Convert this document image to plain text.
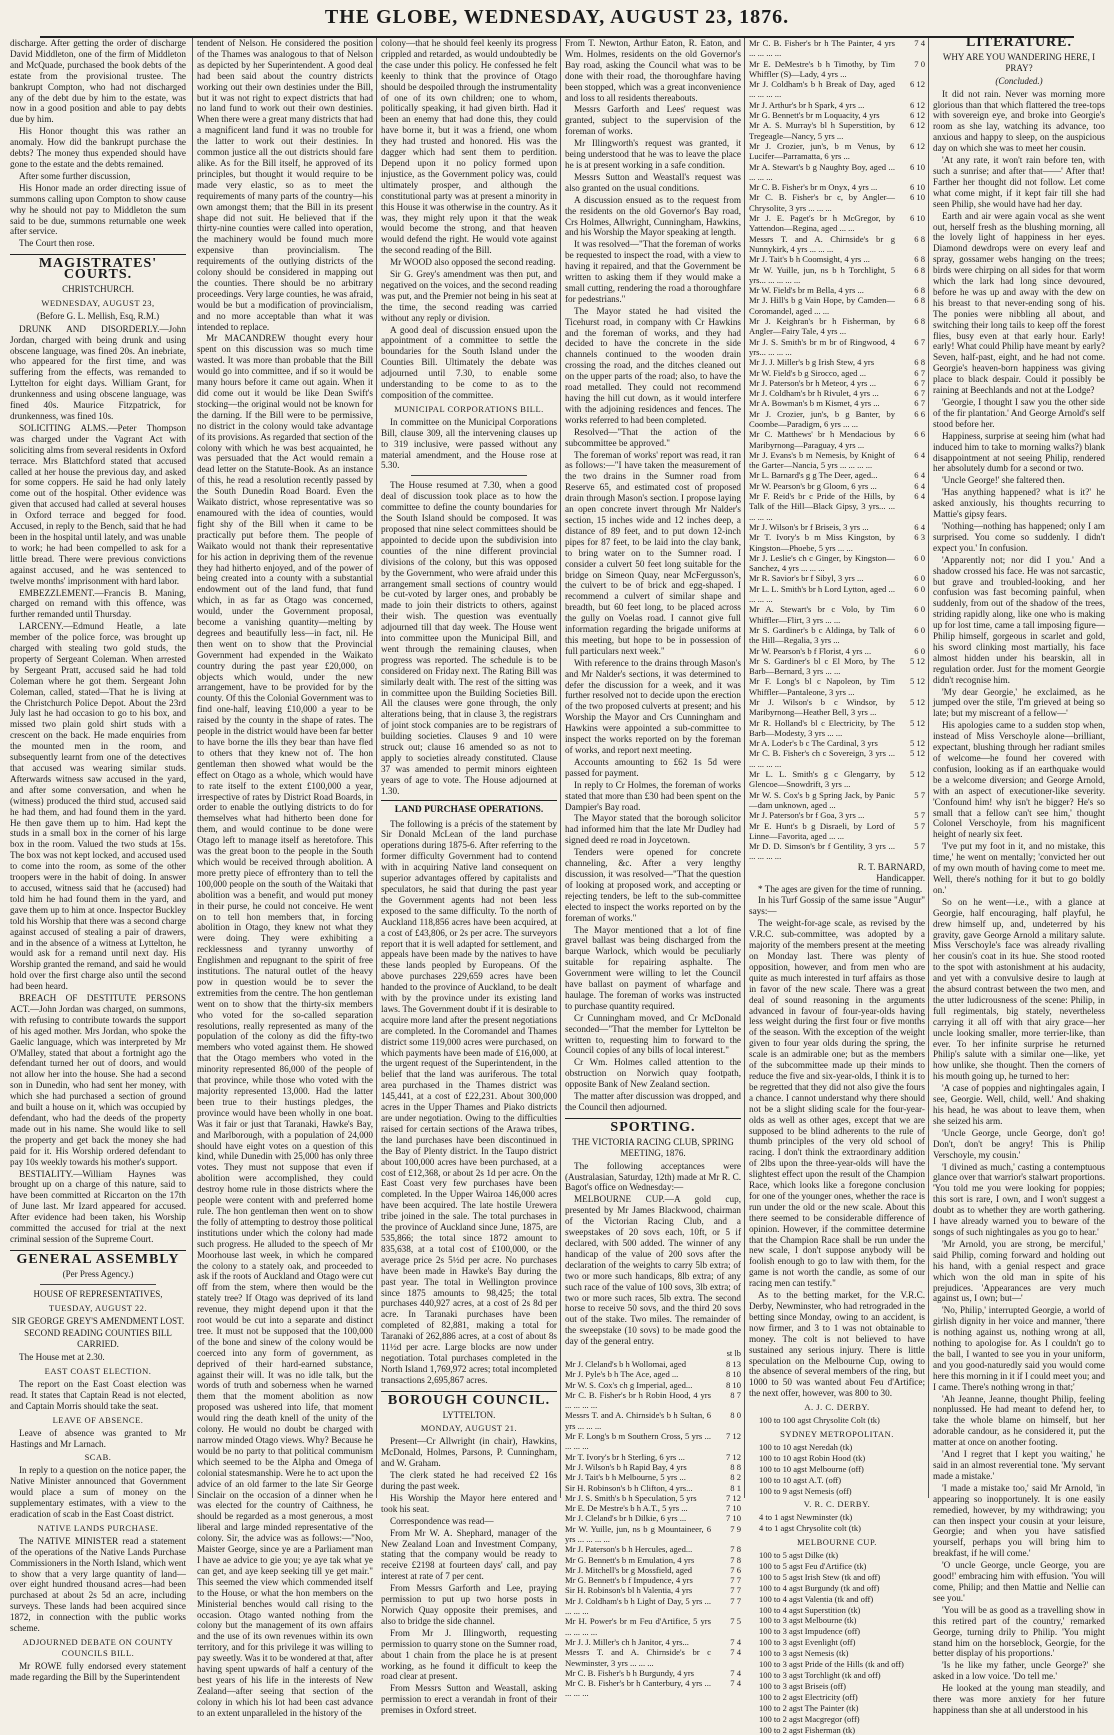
THE GLOBE, WEDNESDAY, AUGUST 23, 1876.

discharge. After getting the order of discharge David Middleton, one of the firm of Middleton and McQuade, purchased the book debts of the estate from the provisional trustee. The bankrupt Compton, who had not discharged any of the debt due by him to the estate, was now in a good position and able to pay debts due by him.

His Honor thought this was rather an anomaly. How did the bankrupt purchase the debts? The money thus expended should have gone to the estate and the debts remained.

After some further discussion,

His Honor made an order directing issue of summons calling upon Compton to show cause why he should not pay to Middleton the sum said to be due, summons returnable one week after service.

The Court then rose.

MAGISTRATES' COURTS.
CHRISTCHURCH.
WEDNESDAY, AUGUST 23,
(Before G. L. Mellish, Esq, R.M.)

DRUNK AND DISORDERLY.—John Jordan, charged with being drunk and using obscene language, was fined 20s. An inebriate, who appeared for the first time, and was suffering from the effects, was remanded to Lyttelton for eight days. William Grant, for drunkenness and using obscene language, was fined 40s. Maurice Fitzpatrick, for drunkenness, was fined 10s.

SOLICITING ALMS.—Peter Thompson was charged under the Vagrant Act with soliciting alms from several residents in Oxford terrace. Mrs Blattchford stated that accused called at her house the previous day, and asked for some coppers. He said he had only lately come out of the hospital. Other evidence was given that accused had called at several houses in Oxford terrace and begged for food. Accused, in reply to the Bench, said that he had been in the hospital until lately, and was unable to work; he had been compelled to ask for a little bread. There were previous convictions against accused, and he was sentenced to twelve months' imprisonment with hard labor.

EMBEZZLEMENT.—Francis B. Maning, charged on remand with this offence, was further remanded until Thursday.

LARCENY.—Edmund Heatle, a late member of the police force, was brought up charged with stealing two gold studs, the property of Sergeant Coleman. When arrested by Sergeant Pratt, accused said he had told Coleman where he got them. Sergeant John Coleman, called, stated—That he is living at the Christchurch Police Depot. About the 23rd July last he had occasion to go to his box, and missed two plain gold shirt studs with a crescent on the back. He made enquiries from the mounted men in the room, and subsequently learnt from one of the detectives that accused was wearing similar studs. Afterwards witness saw accused in the yard, and after some conversation, and when he (witness) produced the third stud, accused said he had them, and had found them in the yard. He then gave them up to him. Had kept the studs in a small box in the corner of his large box in the room. Valued the two studs at 15s. The box was not kept locked, and accused used to come into the room, as some of the other troopers were in the habit of doing. In answer to accused, witness said that he (accused) had told him he had found them in the yard, and gave them up to him at once. Inspector Buckley told his Worship that there was a second charge against accused of stealing a pair of drawers, and in the absence of a witness at Lyttelton, he would ask for a remand until next day. His Worship granted the remand, and said he would hold over the first charge also until the second had been heard.

BREACH OF DESTITUTE PERSONS ACT.—John Jordan was charged, on summons, with refusing to contribute towards the support of his aged mother. Mrs Jordan, who spoke the Gaelic language, which was interpreted by Mr O'Malley, stated that about a fortnight ago the defendant turned her out of doors, and would not allow her into the house. She had a second son in Dunedin, who had sent her money, with which she had purchased a section of ground and built a house on it, which was occupied by defendant, who had the deeds of the property made out in his name. She would like to sell the property and get back the money she had paid for it. His Worship ordered defendant to pay 10s weekly towards his mother's support.

BESTIALITY.—William Haynes was brought up on a charge of this nature, said to have been committed at Riccarton on the 17th of June last. Mr Izard appeared for accused. After evidence had been taken, his Worship committed the accused for trial at the next criminal session of the Supreme Court.

GENERAL ASSEMBLY
(Per Press Agency.)
HOUSE OF REPRESENTATIVES,
TUESDAY, AUGUST 22.
SIR GEORGE GREY'S AMENDMENT LOST.
SECOND READING COUNTIES BILL CARRIED.

The House met at 2.30.

EAST COAST ELECTION.

The report on the East Coast election was read. It states that Captain Read is not elected, and Captain Morris should take the seat.

LEAVE OF ABSENCE.

Leave of absence was granted to Mr Hastings and Mr Larnach.

SCAB.

In reply to a question on the notice paper, the Native Minister announced that Government would place a sum of money on the supplementary estimates, with a view to the eradication of scab in the East Coast district.

NATIVE LANDS PURCHASE.

The NATIVE MINISTER read a statement of the operations of the Native Lands Purchase Commissioners in the North Island, which went to show that a very large quantity of land—over eight hundred thousand acres—had been purchased at about 2s 5d an acre, including surveys. These lands had been acquired since 1872, in connection with the public works scheme.

ADJOURNED DEBATE ON COUNTY COUNCILS BILL.

Mr ROWE fully endorsed every statement made regarding the Bill by the Superintendent

tendent of Nelson. He considered the position of the Thames was analogous to that of Nelson as depicted by her Superintendent. A good deal had been said about the country districts working out their own destinies under the Bill, but it was not right to expect districts that had no land fund to work out their own destinies. When there were a great many districts that had a magnificent land fund it was no trouble for the latter to work out their destinies. In common justice all the out districts should fare alike. As for the Bill itself, he approved of its principles, but thought it would require to be made very elastic, so as to meet the requirements of many parts of the country—his own amongst them; that the Bill in its present shape did not suit. He believed that if the thirty-nine counties were called into operation, the machinery would be found much more expensive than provincialism. The requirements of the outlying districts of the colony should be considered in mapping out the counties. There should be no arbitrary proceedings. Very large counties, he was afraid, would be but a modification of provincialism, and no more acceptable than what it was intended to replace.

Mr MACANDREW thought every hour spent on this discussion was so much time wasted. It was more than probable that the Bill would go into committee, and if so it would be many hours before it came out again. When it did come out it would be like Dean Swift's stocking—the original would not be known for the darning. If the Bill were to be permissive, no district in the colony would take advantage of its provisions. As regarded that section of the colony with which he was best acquainted, he was persuaded that the Act would remain a dead letter on the Statute-Book. As an instance of this, he read a resolution recently passed by the South Dunedin Road Board. Even the Waikato district, whose representative was so enamoured with the idea of counties, would fight shy of the Bill when it came to be practically put before them. The people of Waikato would not thank their representative for his action in depriving them of the revenue they had hitherto enjoyed, and of the power of being created into a county with a substantial endowment out of the land fund, that fund which, in as far as Otago was concerned, would, under the Government proposal, become a vanishing quantity—melting by degrees and beautifully less—in fact, nil. He then went on to show that the Provincial Government had expended in the Waikato country during the past year £20,000, on objects which would, under the new arrangement, have to be provided for by the county. Of this the Colonial Government was to find one-half, leaving £10,000 a year to be raised by the county in the shape of rates. The people in the district would have been far better to have borne the ills they bear than have fled to others that they knew not of. The hon gentleman then showed what would be the effect on Otago as a whole, which would have to rate itself to the extent £100,000 a year, irrespective of rates by District Road Boards, in order to enable the outlying districts to do for themselves what had hitherto been done for them, and would continue to be done were Otago left to manage itself as heretofore. This was the great boon to the people in the South which would be received through abolition. A more pretty piece of effrontery than to tell the 100,000 people on the south of the Waitaki that abolition was a benefit, and would put money in their purse, he could not conceive. He went on to tell hon members that, in forcing abolition in Otago, they knew not what they were doing. They were exhibiting a recklessness and tyranny unworthy of Englishmen and repugnant to the spirit of free institutions. The natural outlet of the heavy pow in question would be to sever the extremities from the centre. The hon gentleman went on to show that the thirty-six members who voted for the so-called separation resolutions, really represented as many of the population of the colony as did the fifty-two members who voted against them. He showed that the Otago members who voted in the minority represented 86,000 of the people of that province, while those who voted with the majority represented 13,000. Had the latter been true to their hustings pledges, the province would have been wholly in one boat. Was it fair or just that Taranaki, Hawke's Bay, and Marlborough, with a population of 24,000 should have eight votes on a question of this kind, while Dunedin with 25,000 has only three votes. They must not suppose that even if abolition were accomplished, they could destroy home rule in those districts where the people were content with and preferred home rule. The hon gentleman then went on to show the folly of attempting to destroy those political institutions under which the colony had made such progress. He alluded to the speech of Mr Moorhouse last week, in which he compared the colony to a stately oak, and proceeded to ask if the roots of Auckland and Otago were cut off from the stem, where then would be the stately tree? If Otago was deprived of its land revenue, they might depend upon it that the root would be cut into a separate and distinct tree. It must not be supposed that the 100,000 of the bone and sinew of the colony would be coerced into any form of government, as deprived of their hard-earned substance, against their will. It was no idle talk, but the words of truth and soberness when he warned them that the moment abolition as now proposed was ushered into life, that moment would ring the death knell of the unity of the colony. He would no doubt be charged with narrow minded Otago views. Why? Because he would be no party to that political communism which seemed to be the Alpha and Omega of colonial statesmanship. Were he to act upon the advice of an old farmer to the late Sir George Sinclair on the occasion of a dinner when he was elected for the country of Caithness, he should be regarded as a most generous, a most liberal and large minded representative of the colony. Sir, the advice was as follows:—"Noo, Maister George, since ye are a Parliament man I have ae advice to gie you; ye aye tak what ye can get, and aye keep seeking till ye get mair." This seemed the view which commended itself to the House, or what the hon members on the Ministerial benches would call rising to the occasion. Otago wanted nothing from the colony but the management of its own affairs and the use of its own revenues within its own territory, and for this privilege it was willing to pay sweetly. Was it to be wondered at that, after having spent upwards of half a century of the best years of his life in the interests of New Zealand—after seeing that section of the colony in which his lot had been cast advance to an extent unparalleled in the history of the

colony—that he should feel keenly its progress crippled and retarded, as would undoubtedly be the case under this policy. He confessed he felt keenly to think that the province of Otago should be despoiled through the instrumentality of one of its own children; one to whom, politically speaking, it had given birth. Had it been an enemy that had done this, they could have borne it, but it was a friend, one whom they had trusted and honored. His was the dagger which had sent them to perdition. Depend upon it no policy formed upon injustice, as the Government policy was, could ultimately prosper, and although the constitutional party was at present a minority in this House it was otherwise in the country. As it was, they might rely upon it that the weak would become the strong, and that heaven would defend the right. He would vote against the second reading of the Bill.

Mr WOOD also opposed the second reading.

Sir G. Grey's amendment was then put, and negatived on the voices, and the second reading was put, and the Premier not being in his seat at the time, the second reading was carried without any reply or division.

A good deal of discussion ensued upon the appointment of a committee to settle the boundaries for the South Island under the Counties Bill. Ultimately the debate was adjourned until 7.30, to enable some understanding to be come to as to the composition of the committee.

MUNICIPAL CORPORATIONS BILL.

In committee on the Municipal Corporations Bill, clause 309, all the intervening clauses up to 319 inclusive, were passed without any material amendment, and the House rose at 5.30.

The House resumed at 7.30, when a good deal of discussion took place as to how the committee to define the county boundaries for the South Island should be composed. It was proposed that nine select committees should be appointed to decide upon the subdivision into counties of the nine different provincial divisions of the colony, but this was opposed by the Government, who were afraid under this arrangement small sections of country would be cut-voted by larger ones, and probably be made to join their districts to others, against their wish. The question was eventually adjourned till that day week. The House went into committee upon the Municipal Bill, and went through the remaining clauses, when progress was reported. The schedule is to be considered on Friday next. The Rating Bill was similarly dealt with. The rest of the sitting was in committee upon the Building Societies Bill. All the clauses were gone through, the only alterations being, that in clause 3, the registrars of joint stock companies are to be registrars of building societies. Clauses 9 and 10 were struck out; clause 16 amended so as not to apply to societies already constituted. Clause 37 was amended to permit minors eighteen years of age to vote. The House adjourned at 1.30.

LAND PURCHASE OPERATIONS.

The following is a précis of the statement by Sir Donald McLean of the land purchase operations during 1875-6. After referring to the former difficulty Government had to contend with in acquiring Native land consequent on superior advantages offered by capitalists and speculators, he said that during the past year the Government agents had not been less exposed to the same difficulty. To the north of Auckland 118,856 acres have been acquired, at a cost of £43,806, or 2s per acre. The surveyors report that it is well adapted for settlement, and appeals have been made by the natives to have these lands peopled by Europeans. Of the above purchases 229,659 acres have been handed to the province of Auckland, to be dealt with by the province under its existing land laws. The Government doubt if it is desirable to acquire more land after the present negotiations are completed. In the Coromandel and Thames district some 119,000 acres were purchased, on which payments have been made of £16,000, at the urgent request of the Superintendent, in the belief that the land was auriferous. The total area purchased in the Thames district was 145,441, at a cost of £22,231. About 300,000 acres in the Upper Thames and Piako districts are under negotiation. Owing to the difficulties raised for certain sections of the Arawa tribes, the land purchases have been discontinued in the Bay of Plenty district. In the Taupo district about 100,000 acres have been purchased, at a cost of £12,368, or about 2s 1d per acre. On the East Coast very few purchases have been completed. In the Upper Wairoa 146,000 acres have been acquired. The late hostile Urewera tribe joined in the sale. The total purchases in the province of Auckland since June, 1875, are 535,866; the total since 1872 amount to 835,638, at a total cost of £100,000, or the average price 2s 5½d per acre. No purchases have been made in Hawke's Bay during the past year. The total in Wellington province since 1875 amounts to 98,425; the total purchases 440,927 acres, at a cost of 2s 8d per acre. In Taranaki purchases have been completed of 82,881, making a total for Taranaki of 262,886 acres, at a cost of about 8s 11½d per acre. Large blocks are now under negotiation. Total purchases completed in the North Island 1,769,972 acres; total incompleted transactions 2,695,867 acres.

BOROUGH COUNCIL.
LYTTELTON.
MONDAY, AUGUST 21.

Present—Cr Allwright (in chair), Hawkins, McDonald, Holmes, Parsons, P. Cunningham, and W. Graham.

The clerk stated he had received £2 16s during the past week.

His Worship the Mayor here entered and took his seat.

Correspondence was read—

From Mr W. A. Shephard, manager of the New Zealand Loan and Investment Company, stating that the company would be ready to receive £2198 at fourteen days' call, and pay interest at rate of 7 per cent.

From Messrs Garforth and Lee, praying permission to put up two horse posts in Norwich Quay opposite their premises, and also to bridge the side channel.

From Mr J. Illingworth, requesting permission to quarry stone on the Sumner road, about 1 chain from the place he is at present working, as he found it difficult to keep the road clear at present.

From Messrs Sutton and Weastall, asking permission to erect a verandah in front of their premises in Oxford street.

From T. Newton, Arthur Eaton, R. Eaton, and Wm. Holmes, residents on the old Governor's Bay road, asking the Council what was to be done with their road, the thoroughfare having been stopped, which was a great inconvenience and loss to all residents thereabouts.

Messrs Garforth and Lees' request was granted, subject to the supervision of the foreman of works.

Mr Illingworth's request was granted, it being understood that he was to leave the place he is at present working in a safe condition.

Messrs Sutton and Weastall's request was also granted on the usual conditions.

A discussion ensued as to the request from the residents on the old Governor's Bay road, Crs Holmes, Allwright, Cunningham, Hawkins, and his Worship the Mayor speaking at length.

It was resolved—"That the foreman of works be requested to inspect the road, with a view to having it repaired, and that the Government be written to asking them if they would make a small cutting, rendering the road a thoroughfare for pedestrians."

The Mayor stated he had visited the Ticehurst road, in company with Cr Hawkins and the foreman of works, and they had decided to have the concrete in the side channels continued to the wooden drain crossing the road, and the ditches cleaned out on the upper parts of the road; also, to have the road metalled. They could not recommend having the hill cut down, as it would interfere with the adjoining residences and fences. The works referred to had been completed.

Resolved—"That the action of the subcommittee be approved."

The foreman of works' report was read, it ran as follows:—"I have taken the measurement of the two drains in the Sumner road from Reserve 65, and estimated cost of proposed drain through Mason's section. I propose laying an open concrete invert through Mr Nalder's section, 15 inches wide and 12 inches deep, a distance of 89 feet, and to put down 12-inch pipes for 87 feet, to be laid into the clay bank, to bring water on to the Sumner road. I consider a culvert 50 feet long suitable for the bridge on Simeon Quay, near McFergusson's, the culvert to be of brick and egg-shaped. I recommend a culvert of similar shape and breadth, but 60 feet long, to be placed across the gully on Voelas road. I cannot give full information regarding the brigade uniforms at this meeting, but hope to be in possession of full particulars next week."

With reference to the drains through Mason's and Mr Nalder's sections, it was determined to defer the discussion for a week, and it was further resolved not to decide upon the erection of the two proposed culverts at present; and his Worship the Mayor and Crs Cunningham and Hawkins were appointed a sub-committee to inspect the works reported on by the foreman of works, and report next meeting.

Accounts amounting to £62 1s 5d were passed for payment.

In reply to Cr Holmes, the foreman of works stated that more than £30 had been spent on the Dampier's Bay road.

The Mayor stated that the borough solicitor had informed him that the late Mr Dudley had signed deed re road in Joycetown.

Tenders were opened for concrete channeling, &c. After a very lengthy discussion, it was resolved—"That the question of looking at proposed work, and accepting or rejecting tenders, be left to the sub-committee elected to inspect the works reported on by the foreman of works."

The Mayor mentioned that a lot of fine gravel ballast was being discharged from the barque Warlock, which would be peculiarly suitable for repairing asphalte. The Government were willing to let the Council have ballast on payment of wharfage and haulage. The foreman of works was instructed to purchase quantity required.

Cr Cunningham moved, and Cr McDonald seconded—"That the member for Lyttelton be written to, requesting him to forward to the Council copies of any bills of local interest."

Cr Wm. Holmes called attention to the obstruction on Norwich quay footpath, opposite Bank of New Zealand section.

The matter after discussion was dropped, and the Council then adjourned.

SPORTING.
THE VICTORIA RACING CLUB, SPRING MEETING, 1876.

The following acceptances were (Australasian, Saturday, 12th) made at Mr R. C. Bagot's office on Wednesday:—

MELBOURNE CUP.—A gold cup, presented by Mr James Blackwood, chairman of the Victorian Racing Club, and a sweepstakes of 20 sovs each, 10ft, or 5 if declared, with 500 added. The winner of any handicap of the value of 200 sovs after the declaration of the weights to carry 5lb extra; of two or more such handicaps, 8lb extra; of any such race of the value of 100 sovs, 3lb extra; of two or more such races, 5lb extra. The second horse to receive 50 sovs, and the third 20 sovs out of the stake. Two miles. The remainder of the sweepstake (10 sovs) to be made good the day of the general entry.

st lb
Mr J. Cleland's b h Wollomai, aged	8 13
Mr J. Pyle's b h The Ace, aged ...	8 10
Mr W. S. Cox's ch g Imperial, aged...	8 10
Mr C. B. Fisher's br h Robin Hood, 4 yrs ... ... ... ...	8 7
Messrs T. and A. Chirnside's b h Sultan, 6 yrs ... ... ...	8 0
Mr F. Long's b m Southern Cross, 5 yrs ... ... ... ...	7 12
Mr T. Ivory's br h Sterling, 6 yrs ...	7 12
Mr J. Wilson's b h Rapid Bay, 4 yrs	8 8
Mr J. Tait's b h Melbourne, 5 yrs ...	8 2
Sir H. Robinson's b h Clifton, 4 yrs...	8 1
Mr J. S. Smith's b h Speculation, 5 yrs	7 12
Mr E. De Mestre's b h A.T., 5 yrs ...	7 10
Mr J. Cleland's br h Dilkie, 6 yrs ...	7 10
Mr W. Yuille, jun, ns b g Mountaineer, 6 yrs ... ... ... ...	7 9
Mr J. Paterson's b h Hercules, aged...	7 8
Mr G. Bennett's b m Emulation, 4 yrs	7 8
Mr J. Mitchell's br g Mossfield, aged	7 6
Mr G. Bennett's b f Impudence, 4 yrs	7 7
Sir H. Robinson's bl h Valentia, 4 yrs	7 7
Mr J. Coldham's b h Light of Day, 5 yrs ... ... ... ...	7 7
Mr H. Power's br m Feu d'Artifice, 5 yrs ... ... ... ...	7 5
Mr J. J. Miller's ch h Janitor, 4 yrs...	7 4
Messrs T. and A. Chirnside's br c Newminster, 3 yrs ... ... ...	7 4
Mr C. B. Fisher's b h Burgundy, 4 yrs	7 4
Mr C. B. Fisher's br h Canterbury, 4 yrs ... ... ... ...	7 4
Mr C. B. Fisher's br h The Painter, 4 yrs ... ... ... ...	7 4
Mr E. DeMestre's b h Timothy, by Tim Whiffler (S)—Lady, 4 yrs ...	7 0
Mr J. Coldham's b h Break of Day, aged ... ... ... ...	6 12
Mr J. Arthur's br h Spark, 4 yrs ...	6 12
Mr G. Bennett's br m Loquacity, 4 yrs	6 12
Mr A. S. Murray's bl h Superstition, by Tregeagle—Nancy, 5 yrs ...	6 12
Mr J. Crozier, jun's, b m Venus, by Lucifer—Parramatta, 6 yrs ...	6 12
Mr A. Stewart's b g Naughty Boy, aged ... ... ... ...	6 10
Mr C. B. Fisher's br m Onyx, 4 yrs ...	6 10
Mr C. B. Fisher's br c, by Angler—Chrysolite, 3 yrs ... ... ...	6 10
Mr J. E. Paget's br h McGregor, by Yattendon—Regina, aged ... ...	6 10
Messrs T. and A. Chirnside's br g Nunnykirk, 4 yrs ... ... ...	6 8
Mr J. Tait's b h Coomsight, 4 yrs ...	6 8
Mr W. Yuille, jun, ns b h Torchlight, 5 yrs... ... ... ... ...	6 8
Mr W. Field's br m Bella, 4 yrs ...	6 8
Mr J. Hill's b g Vain Hope, by Camden—Coromandel, aged ... ...	6 8
Mr J. Keighran's br h Fisherman, by Angler—Fairy Tale, 4 yrs ...	6 8
Mr J. S. Smith's br m br of Ringwood, 4 yrs... ... ... ...	6 7
Mr J. J. Miller's b g Irish Stew, 4 yrs	6 8
Mr W. Field's b g Sirocco, aged ...	6 7
Mr J. Paterson's br h Meteor, 4 yrs ...	6 7
Mr J. Coldham's br h Rivulet, 4 yrs ...	6 7
Mr A. Bowman's b m Kismet, 4 yrs ...	6 7
Mr J. Crozier, jun's, b g Banter, by Coombe—Paradigm, 6 yrs ... ...	6 6
Mr C. Matthews' br h Mendacious by Maribyrnong—Paraguay, 4 yrs ...	6 6
Mr J. Evans's b m Nemesis, by Knight of the Garter—Nancia, 5 yrs ... ... ... ...	6 4
Mr L. Barnard's g g The Deer, aged...	6 4
Mr W. Pearson's br g Gloom, 6 yrs ...	6 4
Mr F. Reid's br c Pride of the Hills, by Talk of the Hill—Black Gipsy, 3 yrs... ... ... ... ...	6 4
Mr J. Wilson's br f Briseis, 3 yrs ...	6 4
Mr T. Ivory's b m Miss Kingston, by Kingston—Phoebe, 5 yrs ... ...	6 3
Mr J. Leslie's ch c Ginger, by Kingston—Sanchez, 4 yrs ... ... ...	6 0
Mr R. Savior's br f Sibyl, 3 yrs ...	6 0
Mr L. L. Smith's br h Lord Lytton, aged ... ... ... ...	6 0
Mr A. Stewart's br c Volo, by Tim Whiffler—Flirt, 3 yrs ... ...	6 0
Mr S. Gardiner's b c Aldinga, by Talk of the Hill—Regalia, 3 yrs ...	6 0
Mr W. Pearson's b f Florist, 4 yrs ...	6 0
Mr S. Gardiner's bl c El Moro, by The Barb—Bernard, 3 yrs ... ...	5 12
Mr F. Long's bl c Napoleon, by Tim Whiffler—Pantaleone, 3 yrs ...	5 12
Mr J. Wilson's b c Windsor, by Maribyrnong—Heather Bell, 3 yrs ...	5 12
Mr R. Holland's bl c Electricity, by The Barb—Modesty, 3 yrs ... ...	5 12
Mr A. Loder's b c The Cardinal, 3 yrs	5 12
Mr C. B. Fisher's ch c Sovereign, 3 yrs ... ... ... ... ...	5 12
Mr L. L. Smith's g c Glengarry, by Glencoe—Snowdrift, 3 yrs ...	5 12
Mr W. S. Cox's b g Spring Jack, by Panic—dam unknown, aged ...	5 7
Mr J. Paterson's br f Goa, 3 yrs ...	5 7
Mr E. Hunt's b g Disraeli, by Lord of Linne—Favorita, aged ... ...	5 7
Mr D. D. Simson's br f Gentility, 3 yrs ... ... ... ... ...	5 7
R. T. BARNARD,
Handicapper.

* The ages are given for the time of running.

In his Turf Gossip of the same issue "Augur" says:—

The weight-for-age scale, as revised by the V.R.C. sub-committee, was adopted by a majority of the members present at the meeting on Monday last. There was plenty of opposition, however, and from men who are quite as much interested in turf affairs as those in favor of the new scale. There was a great deal of sound reasoning in the arguments advanced in favour of four-year-olds having less weight during the first four or five months of the season. With the exception of the weight given to four year olds during the spring, the scale is an admirable one; but as the members of the subcommittee made up their minds to reduce the five and six-year-olds, I think it is to be regretted that they did not also give the fours a chance. I cannot understand why there should not be a slight sliding scale for the four-year-olds as well as other ages, except that we are supposed to be blind adherents to the rule of thumb principles of the very old school of racing. I don't think the extraordinary addition of 2lbs upon the three-year-olds will have the slightest effect upon the result of the Champion Race, which looks like a foregone conclusion for one of the younger ones, whether the race is run under the old or the new scale. About this there seemed to be considerable difference of opinion. However, if the committee determine that the Champion Race shall be run under the new scale, I don't suppose anybody will be foolish enough to go to law with them, for the game is not worth the candle, as some of our racing men can testify."

As to the betting market, for the V.R.C. Derby, Newminster, who had retrograded in the betting since Monday, owing to an accident, is now firmer, and 3 to 1 was not obtainable to money. The colt is not believed to have sustained any serious injury. There is little speculation on the Melbourne Cup, owing to the absence of several members of the ring, but 1000 to 50 was wanted about Feu d'Artifice; the next offer, however, was 800 to 30.

A. J. C. DERBY.
100 to 100 agst Chrysolite Colt (tk)
SYDNEY METROPOLITAN.
100 to 10 agst Neredah (tk)
100 to 10 agst Robin Hood (tk)
100 to 10 agst Melbourne (off)
100 to 10 agst A.T. (off)
100 to 9 agst Nemesis (off)
V. R. C. DERBY.
4 to 1 agst Newminster (tk)
4 to 1 agst Chrysolite colt (tk)
MELBOURNE CUP.
100 to 5 agst Dilke (tk)
100 to 5 agst Feu d'Artifice (tk)
100 to 5 agst Irish Stew (tk and off)
100 to 4 agst Burgundy (tk and off)
100 to 4 agst Valentia (tk and off)
100 to 4 agst Superstition (tk)
100 to 3 agst Melbourne (tk)
100 to 3 agst Impudence (off)
100 to 3 agst Evenlight (off)
100 to 3 agst Nemesis (tk)
100 to 3 agst Pride of the Hills (tk and off)
100 to 3 agst Torchlight (tk and off)
100 to 3 agst Briseis (off)
100 to 2 agst Electricity (off)
100 to 2 agst The Painter (tk)
100 to 2 agst Macgregor (off)
100 to 2 agst Fisherman (tk)
LITERATURE.
WHY ARE YOU WANDERING HERE, I PRAY?
(Concluded.)

It did not rain. Never was morning more glorious than that which flattered the tree-tops with sovereign eye, and broke into Georgie's room as she lay, watching its advance, too anxious and happy to sleep, on the auspicious day on which she was to meet her cousin.

'At any rate, it won't rain before ten, with such a sunrise; and after that——' After that! Farther her thought did not follow. Let come what come might, if it kept fair till she had seen Philip, she would have had her day.

Earth and air were again vocal as she went out, herself fresh as the blushing morning, all the lovely light of happiness in her eyes. Diamond dewdrops were on every leaf and spray, gossamer webs hanging on the trees; birds were chirping on all sides for that worm which the lark had long since devoured, before he was up and away with the dew on his breast to that never-ending song of his. The ponies were nibbling all about, and switching their long tails to keep off the forest flies, busy even at that early hour. Early! early! What could Philip have meant by early? Seven, half-past, eight, and he had not come. Georgie's heaven-born happiness was giving place to black despair. Could it possibly be raining at Beechlands and not at the Lodge?

'Georgie, I thought I saw you the other side of the fir plantation.' And George Arnold's self stood before her.

Happiness, surprise at seeing him (what had induced him to take to morning walks?) blank disappointment at not seeing Philip, rendered her absolutely dumb for a second or two.

'Uncle George!' she faltered then.

'Has anything happened? what is it?' he asked anxiously, his thoughts recurring to Mattie's gipsy fears.

'Nothing—nothing has happened; only I am surprised. You come so suddenly. I didn't expect you.' In confusion.

'Apparently not; nor did I you.' And a shadow crossed his face. He was not sarcastic, but grave and troubled-looking, and her confusion was fast becoming painful, when suddenly, from out of the shadow of the trees, striding rapidly along, like one who is making up for lost time, came a tall imposing figure—Philip himself, gorgeous in scarlet and gold, his sword clinking most martially, his face almost hidden under his bearskin, all in regulation order. Just for the moment Georgie didn't recognise him.

'My dear Georgie,' he exclaimed, as he jumped over the stile, 'I'm grieved at being so late; but my miscreant of a fellow—'

His apologies came to a sudden stop when, instead of Miss Verschoyle alone—brilliant, expectant, blushing through her radiant smiles of welcome—he found her covered with confusion, looking as if an earthquake would be a welcome diversion; and George Arnold, with an aspect of executioner-like severity. 'Confound him! why isn't he bigger? He's so small that a fellow can't see him,' thought Colonel Verschoyle, from his magnificent height of nearly six feet.

'I've put my foot in it, and no mistake, this time,' he went on mentally; 'convicted her out of my own mouth of having come to meet me. Well, there's nothing for it but to go boldly on.'

So on he went—i.e., with a glance at Georgie, half encouraging, half playful, he drew himself up, and, undeterred by his gravity, gave George Arnold a military salute. Miss Verschoyle's face was already rivalling her cousin's coat in its hue. She stood rooted to the spot with astonishment at his audacity, and yet with a convulsive desire to laugh at the absurd contrast between the two men, and the utter ludicrousness of the scene: Philip, in full regimentals, big stately, nevertheless carrying it all off with that airy grace—her uncle looking smaller, more terrier-like, than ever. To her infinite surprise he returned Philip's salute with a similar one—like, yet how unlike, she thought. Then the corners of his mouth going up, he turned to her:

'A case of poppies and nightingales again, I see, Georgie. Well, child, well.' And shaking his head, he was about to leave them, when she seized his arm.

'Uncle George, uncle George, don't go! Don't, don't be angry! This is Philip Verschoyle, my cousin.'

'I divined as much,' casting a contemptuous glance over that warrior's stalwart proportions. 'You told me you were looking for poppies; this sort is rare, I own, and I won't suggest a doubt as to whether they are worth gathering. I have already warned you to beware of the songs of such nightingales as you go to hear.'

'Mr Arnold, you are strong, be merciful,' said Philip, coming forward and holding out his hand, with a genial respect and grace which won the old man in spite of his prejudices. 'Appearances are very much against us, I own; but—'

'No, Philip,' interrupted Georgie, a world of girlish dignity in her voice and manner, 'there is nothing against us, nothing wrong at all, nothing to apologise for. As I couldn't go to the ball, I wanted to see you in your uniform, and you good-naturedly said you would come here this morning in it if I could meet you; and I came. There's nothing wrong in that;'

'Ah Jeanne, Jeanne, thought Philip, feeling nonplussed. He had meant to defend her, to take the whole blame on himself, but her adorable candour, as he considered it, put the matter at once on another footing.

'And I regret that I kept you waiting,' he said in an almost reverential tone. 'My servant made a mistake.'

'I made a mistake too,' said Mr Arnold, 'in appearing so inopportunely. It is one easily remedied, however, by my withdrawing; you can then inspect your cousin at your leisure, Georgie; and when you have satisfied yourself, perhaps you will bring him to breakfast, if he will come.'

'O uncle George, uncle George, you are good!' embracing him with effusion. 'You will come, Philip; and then Mattie and Nellie can see you.'

'You will be as good as a travelling show in this retired part of the country,' remarked George, turning drily to Philip. 'You might stand him on the horseblock, Georgie, for the better display of his proportions.'

'Is he like my father, uncle George?' she asked in a low voice. 'Do tell me.'

He looked at the young man steadily, and there was more anxiety for her future happiness than she at all understood in his
